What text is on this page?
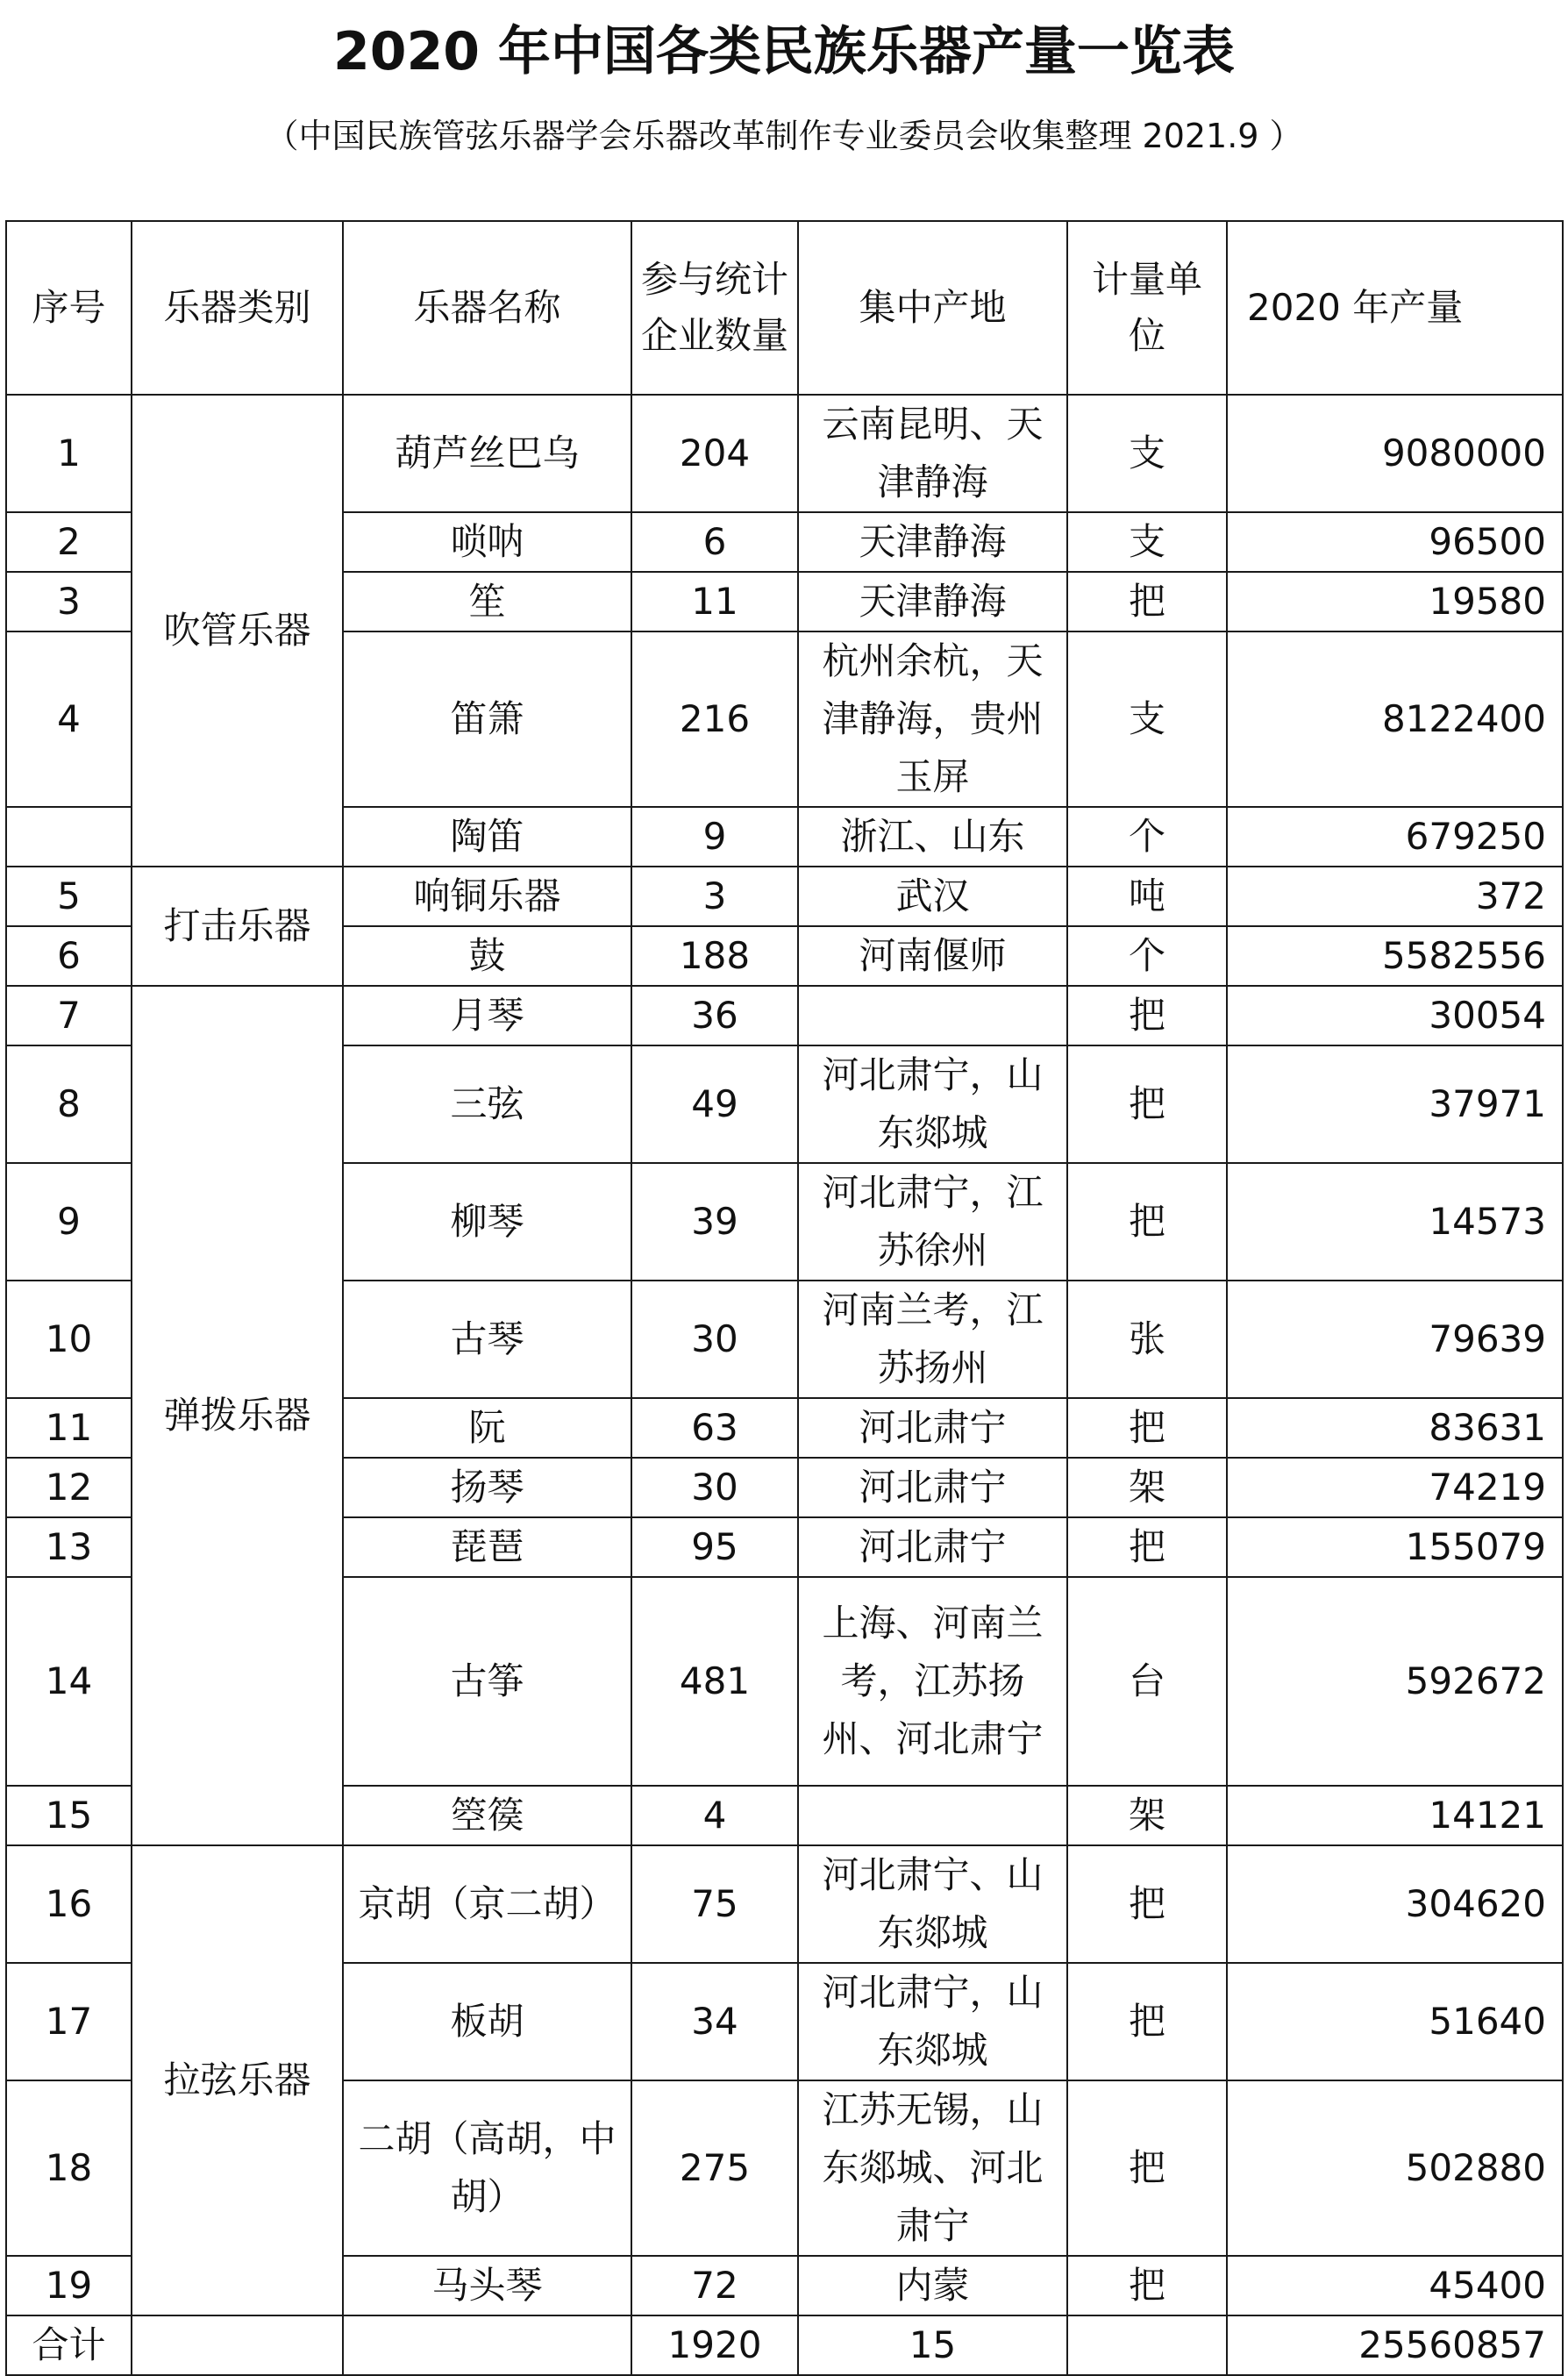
2020 年中国各类民族乐器产量一览表
（中国民族管弦乐器学会乐器改革制作专业委员会收集整理 2021.9 ）
序号	乐器类别	乐器名称	参与统计企业数量	集中产地	计量单位	2020 年产量
1	吹管乐器	葫芦丝巴乌	204	云南昆明、天津静海	支	9080000
2		唢呐	6	天津静海	支	96500
3		笙	11	天津静海	把	19580
4		笛箫	216	杭州余杭，天津静海，贵州玉屏	支	8122400
		陶笛	9	浙江、山东	个	679250
5	打击乐器	响铜乐器	3	武汉	吨	372
6		鼓	188	河南偃师	个	5582556
7	弹拨乐器	月琴	36		把	30054
8		三弦	49	河北肃宁，山东郯城	把	37971
9		柳琴	39	河北肃宁，江苏徐州	把	14573
10		古琴	30	河南兰考，江苏扬州	张	79639
11		阮	63	河北肃宁	把	83631
12		扬琴	30	河北肃宁	架	74219
13		琵琶	95	河北肃宁	把	155079
14		古筝	481	上海、河南兰考，江苏扬州、河北肃宁	台	592672
15		箜篌	4		架	14121
16	拉弦乐器	京胡（京二胡）	75	河北肃宁、山东郯城	把	304620
17		板胡	34	河北肃宁，山东郯城	把	51640
18		二胡（高胡，中胡）	275	江苏无锡，山东郯城、河北肃宁	把	502880
19		马头琴	72	内蒙	把	45400
合计			1920	15		25560857
